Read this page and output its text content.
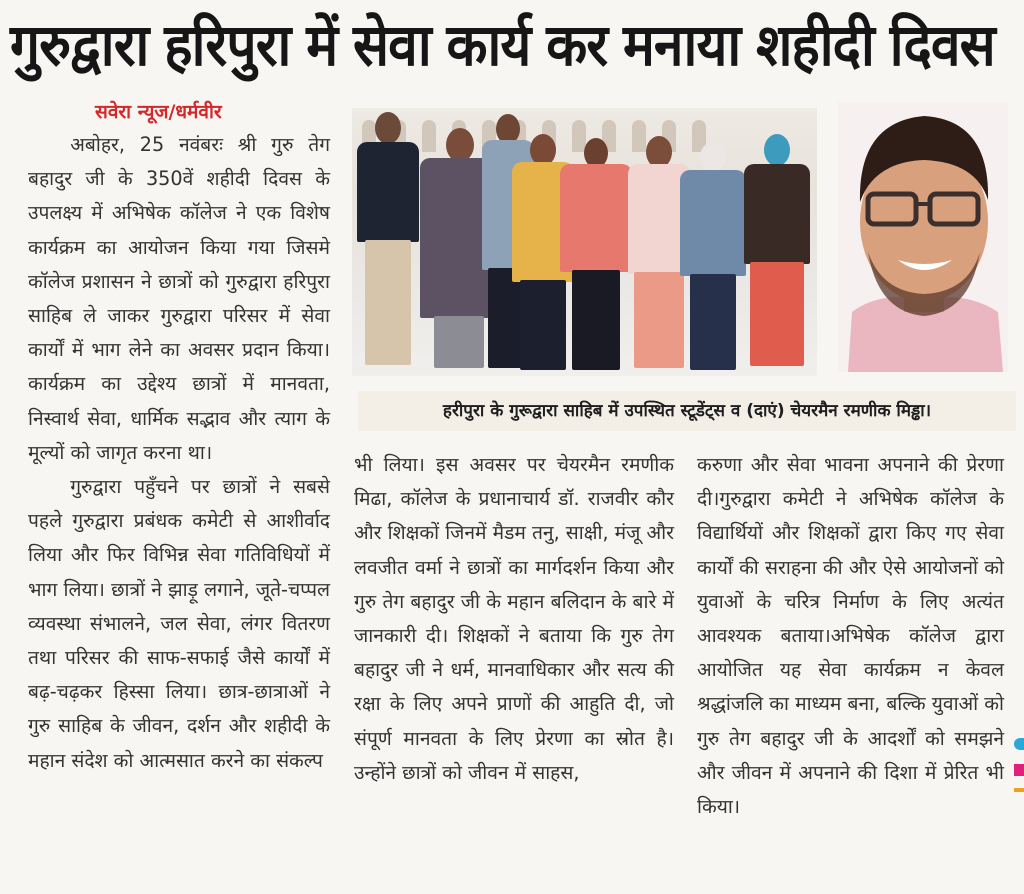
गुरुद्वारा हरिपुरा में सेवा कार्य कर मनाया शहीदी दिवस
सवेरा न्यूज/धर्मवीर

अबोहर, 25 नवंबरः श्री गुरु तेग बहादुर जी के 350वें शहीदी दिवस के उपलक्ष्य में अभिषेक कॉलेज ने एक विशेष कार्यक्रम का आयोजन किया गया जिसमे कॉलेज प्रशासन ने छात्रों को गुरुद्वारा हरिपुरा साहिब ले जाकर गुरुद्वारा परिसर में सेवा कार्यों में भाग लेने का अवसर प्रदान किया। कार्यक्रम का उद्देश्य छात्रों में मानवता, निस्वार्थ सेवा, धार्मिक सद्भाव और त्याग के मूल्यों को जागृत करना था।

गुरुद्वारा पहुँचने पर छात्रों ने सबसे पहले गुरुद्वारा प्रबंधक कमेटी से आशीर्वाद लिया और फिर विभिन्न सेवा गतिविधियों में भाग लिया। छात्रों ने झाड़ू लगाने, जूते-चप्पल व्यवस्था संभालने, जल सेवा, लंगर वितरण तथा परिसर की साफ-सफाई जैसे कार्यों में बढ़-चढ़कर हिस्सा लिया। छात्र-छात्राओं ने गुरु साहिब के जीवन, दर्शन और शहीदी के महान संदेश को आत्मसात करने का संकल्प

हरीपुरा के गुरूद्वारा साहिब में उपस्थित स्टूडेंट्स व (दाएं) चेयरमैन रमणीक मिड्ढा।

भी लिया। इस अवसर पर चेयरमैन रमणीक मिढा, कॉलेज के प्रधानाचार्य डॉ. राजवीर कौर और शिक्षकों जिनमें मैडम तनु, साक्षी, मंजू और लवजीत वर्मा ने छात्रों का मार्गदर्शन किया और गुरु तेग बहादुर जी के महान बलिदान के बारे में जानकारी दी। शिक्षकों ने बताया कि गुरु तेग बहादुर जी ने धर्म, मानवाधिकार और सत्य की रक्षा के लिए अपने प्राणों की आहुति दी, जो संपूर्ण मानवता के लिए प्रेरणा का स्रोत है। उन्होंने छात्रों को जीवन में साहस,

करुणा और सेवा भावना अपनाने की प्रेरणा दी।गुरुद्वारा कमेटी ने अभिषेक कॉलेज के विद्यार्थियों और शिक्षकों द्वारा किए गए सेवा कार्यों की सराहना की और ऐसे आयोजनों को युवाओं के चरित्र निर्माण के लिए अत्यंत आवश्यक बताया।अभिषेक कॉलेज द्वारा आयोजित यह सेवा कार्यक्रम न केवल श्रद्धांजलि का माध्यम बना, बल्कि युवाओं को गुरु तेग बहादुर जी के आदर्शों को समझने और जीवन में अपनाने की दिशा में प्रेरित भी किया।
